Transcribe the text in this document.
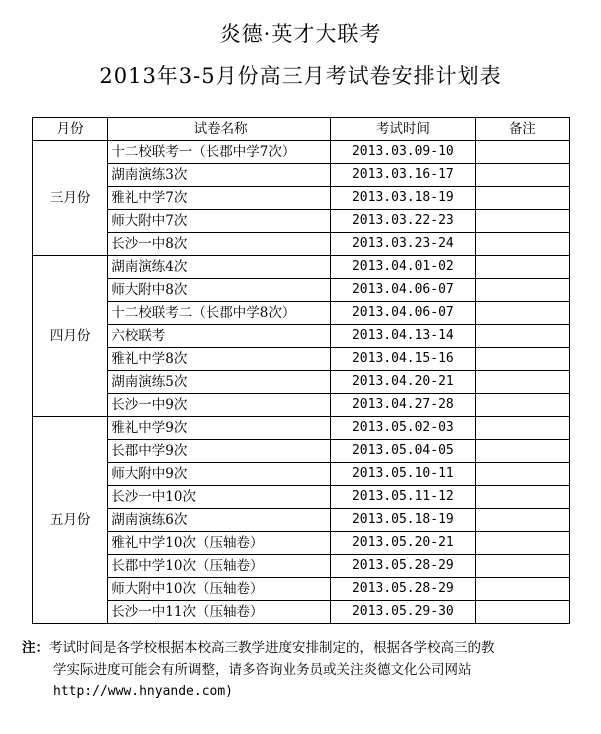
炎德·英才大联考
2013年3-5月份高三月考试卷安排计划表
月份	试卷名称	考试时间	备注
三月份	十二校联考一（长郡中学7次）	2013.03.09-10	
	湖南演练3次	2013.03.16-17	
	雅礼中学7次	2013.03.18-19	
	师大附中7次	2013.03.22-23	
	长沙一中8次	2013.03.23-24	
四月份	湖南演练4次	2013.04.01-02	
	师大附中8次	2013.04.06-07	
	十二校联考二（长郡中学8次）	2013.04.06-07	
	六校联考	2013.04.13-14	
	雅礼中学8次	2013.04.15-16	
	湖南演练5次	2013.04.20-21	
	长沙一中9次	2013.04.27-28	
五月份	雅礼中学9次	2013.05.02-03	
	长郡中学9次	2013.05.04-05	
	师大附中9次	2013.05.10-11	
	长沙一中10次	2013.05.11-12	
	湖南演练6次	2013.05.18-19	
	雅礼中学10次（压轴卷）	2013.05.20-21	
	长郡中学10次（压轴卷）	2013.05.28-29	
	师大附中10次（压轴卷）	2013.05.28-29	
	长沙一中11次（压轴卷）	2013.05.29-30	
注：考试时间是各学校根据本校高三教学进度安排制定的，根据各学校高三的教
学实际进度可能会有所调整，请多咨询业务员或关注炎德文化公司网站
http://www.hnyande.com)
